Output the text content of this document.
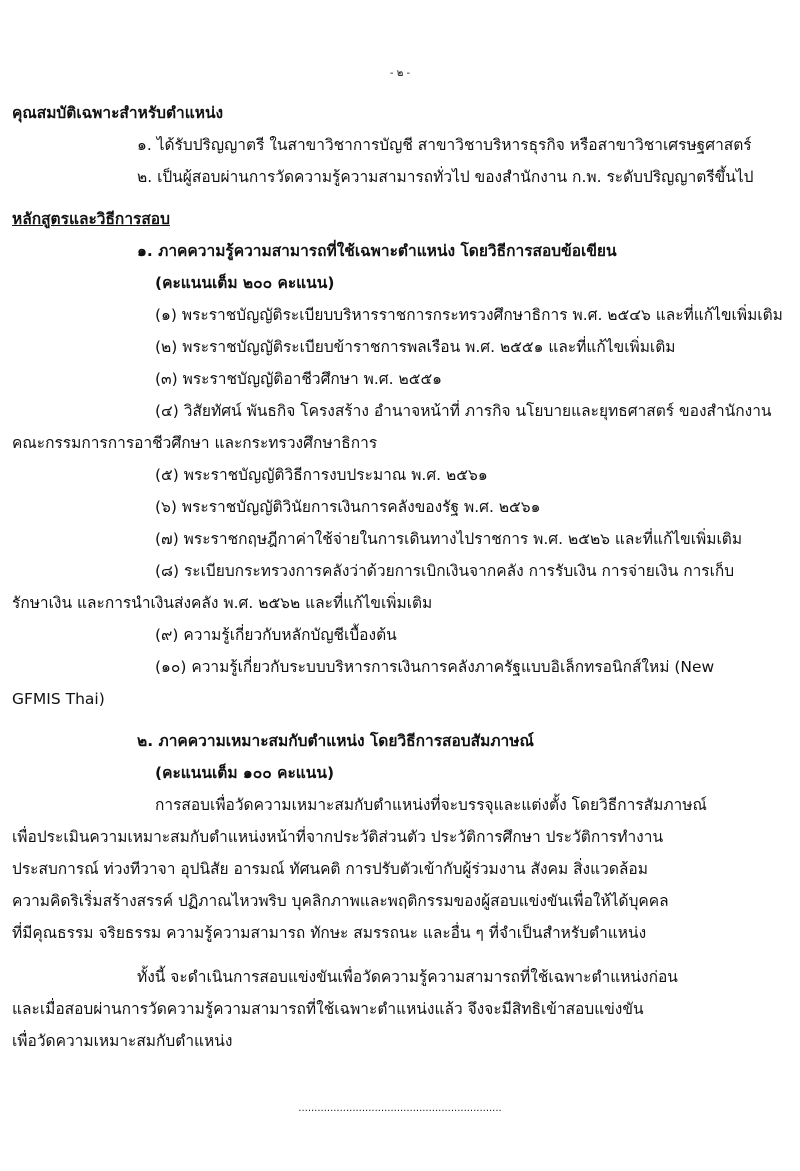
- ๒ -
คุณสมบัติเฉพาะสำหรับตำแหน่ง
๑. ได้รับปริญญาตรี ในสาขาวิชาการบัญชี สาขาวิชาบริหารธุรกิจ หรือสาขาวิชาเศรษฐศาสตร์
๒. เป็นผู้สอบผ่านการวัดความรู้ความสามารถทั่วไป ของสำนักงาน ก.พ. ระดับปริญญาตรีขึ้นไป
หลักสูตรและวิธีการสอบ
๑. ภาคความรู้ความสามารถที่ใช้เฉพาะตำแหน่ง โดยวิธีการสอบข้อเขียน
(คะแนนเต็ม ๒๐๐ คะแนน)
(๑) พระราชบัญญัติระเบียบบริหารราชการกระทรวงศึกษาธิการ พ.ศ. ๒๕๔๖ และที่แก้ไขเพิ่มเติม
(๒) พระราชบัญญัติระเบียบข้าราชการพลเรือน พ.ศ. ๒๕๕๑ และที่แก้ไขเพิ่มเติม
(๓) พระราชบัญญัติอาชีวศึกษา พ.ศ. ๒๕๕๑
(๔) วิสัยทัศน์ พันธกิจ โครงสร้าง อำนาจหน้าที่ ภารกิจ นโยบายและยุทธศาสตร์ ของสำนักงาน
คณะกรรมการการอาชีวศึกษา และกระทรวงศึกษาธิการ
(๕) พระราชบัญญัติวิธีการงบประมาณ พ.ศ. ๒๕๖๑
(๖) พระราชบัญญัติวินัยการเงินการคลังของรัฐ พ.ศ. ๒๕๖๑
(๗) พระราชกฤษฎีกาค่าใช้จ่ายในการเดินทางไปราชการ พ.ศ. ๒๕๒๖ และที่แก้ไขเพิ่มเติม
(๘) ระเบียบกระทรวงการคลังว่าด้วยการเบิกเงินจากคลัง การรับเงิน การจ่ายเงิน การเก็บ
รักษาเงิน และการนำเงินส่งคลัง พ.ศ. ๒๕๖๒ และที่แก้ไขเพิ่มเติม
(๙) ความรู้เกี่ยวกับหลักบัญชีเบื้องต้น
(๑๐) ความรู้เกี่ยวกับระบบบริหารการเงินการคลังภาครัฐแบบอิเล็กทรอนิกส์ใหม่ (New
GFMIS Thai)
๒. ภาคความเหมาะสมกับตำแหน่ง โดยวิธีการสอบสัมภาษณ์
(คะแนนเต็ม ๑๐๐ คะแนน)
การสอบเพื่อวัดความเหมาะสมกับตำแหน่งที่จะบรรจุและแต่งตั้ง โดยวิธีการสัมภาษณ์
เพื่อประเมินความเหมาะสมกับตำแหน่งหน้าที่จากประวัติส่วนตัว ประวัติการศึกษา ประวัติการทำงาน
ประสบการณ์ ท่วงทีวาจา อุปนิสัย อารมณ์ ทัศนคติ การปรับตัวเข้ากับผู้ร่วมงาน สังคม สิ่งแวดล้อม
ความคิดริเริ่มสร้างสรรค์ ปฏิภาณไหวพริบ บุคลิกภาพและพฤติกรรมของผู้สอบแข่งขันเพื่อให้ได้บุคคล
ที่มีคุณธรรม จริยธรรม ความรู้ความสามารถ ทักษะ สมรรถนะ และอื่น ๆ ที่จำเป็นสำหรับตำแหน่ง
ทั้งนี้ จะดำเนินการสอบแข่งขันเพื่อวัดความรู้ความสามารถที่ใช้เฉพาะตำแหน่งก่อน
และเมื่อสอบผ่านการวัดความรู้ความสามารถที่ใช้เฉพาะตำแหน่งแล้ว จึงจะมีสิทธิเข้าสอบแข่งขัน
เพื่อวัดความเหมาะสมกับตำแหน่ง
................................................................
